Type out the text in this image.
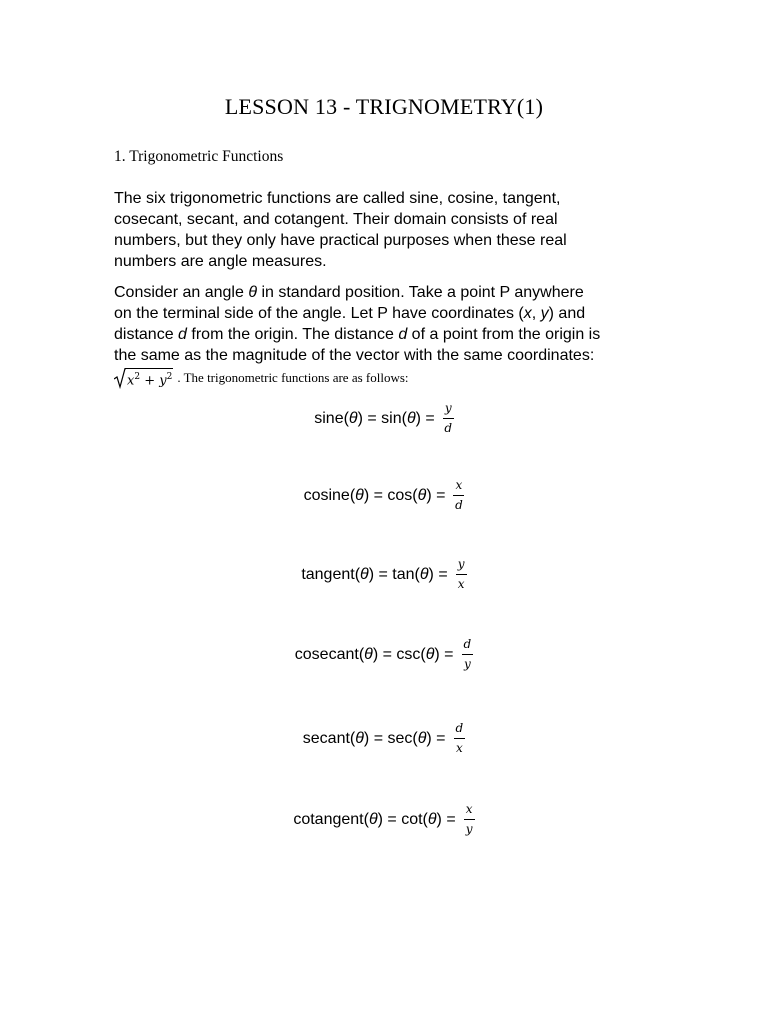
LESSON 13 - TRIGNOMETRY(1)
1. Trigonometric Functions
The six trigonometric functions are called sine, cosine, tangent,
cosecant, secant, and cotangent. Their domain consists of real
numbers, but they only have practical purposes when these real
numbers are angle measures.
Consider an angle θ in standard position. Take a point P anywhere
on the terminal side of the angle. Let P have coordinates (x, y) and
distance d from the origin. The distance d of a point from the origin is
the same as the magnitude of the vector with the same coordinates:
$x^2 + y^2$ . The trigonometric functions are as follows:
$\sin e(\theta) = \sin(\theta) = \frac{y}{d}$
$cosine(\theta) = \cos(\theta) = \frac{x}{d}$
tangent(θ) = $\tan(\theta) = \frac{y}{x}$
cosecant(θ) = $\csc(\theta) = \frac{d}{y}$
secant(θ) = $\sec(\theta) = \frac{d}{x}$
cotangent(θ) = $\cot(\theta) = \frac{x}{y}$
